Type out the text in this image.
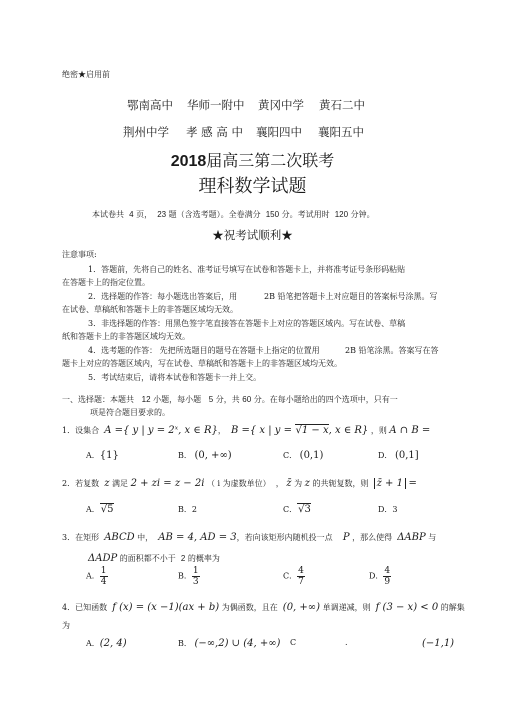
绝密★启用前
鄂南高中 华师一附中 黄冈中学 黄石二中
荆州中学 孝 感 高 中 襄阳四中 襄阳五中
2018届高三第二次联考
理科数学试题
本试卷共 4 页， 23 题（含选考题）。全卷满分 150 分。考试用时 120 分钟。
★祝考试顺利★
注意事项:
1．答题前，先将自己的姓名、准考证号填写在试卷和答题卡上，并将准考证号条形码粘贴
在答题卡上的指定位置。
2．选择题的作答：每小题选出答案后，用	2B 铅笔把答题卡上对应题目的答案标号涂黑。写
在试卷、草稿纸和答题卡上的非答题区域均无效。
3．非选择题的作答：用黑色签字笔直接答在答题卡上对应的答题区域内。写在试卷、草稿
纸和答题卡上的非答题区域均无效。
4．选考题的作答： 先把所选题目的题号在答题卡上指定的位置用	2B 铅笔涂黑。答案写在答
题卡上对应的答题区域内，写在试卷、草稿纸和答题卡上的非答题区域均无效。
5．考试结束后，请将本试卷和答题卡一并上交。
一、选择题：本题共 12 小题，每小题 5 分，共 60 分。在每小题给出的四个选项中，只有一
项是符合题目要求的。
1．设集合 A ={ y | y = 2ˣ, x ∈ R}， B ={ x | y = √1 − x, x ∈ R} ，则 A ∩ B =
A．{1}	B． (0, +∞)	C． (0,1)	D． (0,1]
2．若复数 z 满足 2 + zi = z − 2i （ i 为虚数单位） ， z̄ 为 z 的共轭复数，则 z̄ + 1 =
A．√5	B．2	C．√3	D．3
3．在矩形 ABCD 中， AB = 4, AD = 3，若向该矩形内随机投一点 P ，那么使得 ΔABP 与
ΔADP 的面积都不小于 2 的概率为
A． $\frac{1}{4}$	B． $\frac{1}{3}$	C． $\frac{4}{7}$	D． $\frac{4}{9}$
4．已知函数 f (x) = (x −1)(ax + b) 为偶函数，且在 (0, +∞) 单调递减，则 f (3 − x) < 0 的解集
为
A．(2, 4)	B． (−∞,2) ∪ (4, +∞) C	.	(−1,1)
